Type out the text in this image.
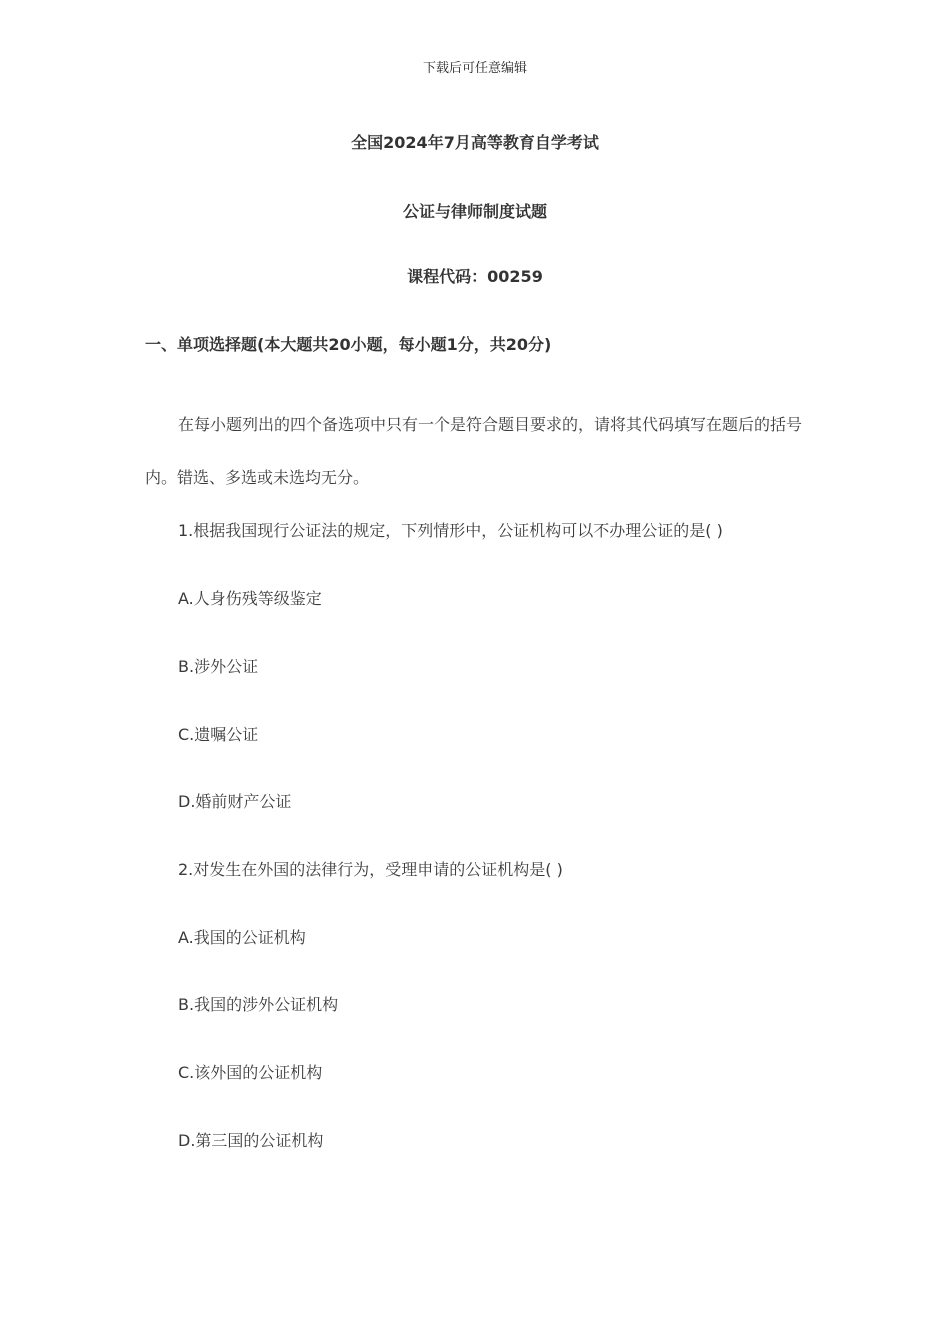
下载后可任意编辑
全国2024年7月高等教育自学考试
公证与律师制度试题
课程代码：00259
一、单项选择题(本大题共20小题，每小题1分，共20分)
在每小题列出的四个备选项中只有一个是符合题目要求的，请将其代码填写在题后的括号内。错选、多选或未选均无分。
1.根据我国现行公证法的规定，下列情形中，公证机构可以不办理公证的是( )
A.人身伤残等级鉴定
B.涉外公证
C.遗嘱公证
D.婚前财产公证
2.对发生在外国的法律行为，受理申请的公证机构是( )
A.我国的公证机构
B.我国的涉外公证机构
C.该外国的公证机构
D.第三国的公证机构
